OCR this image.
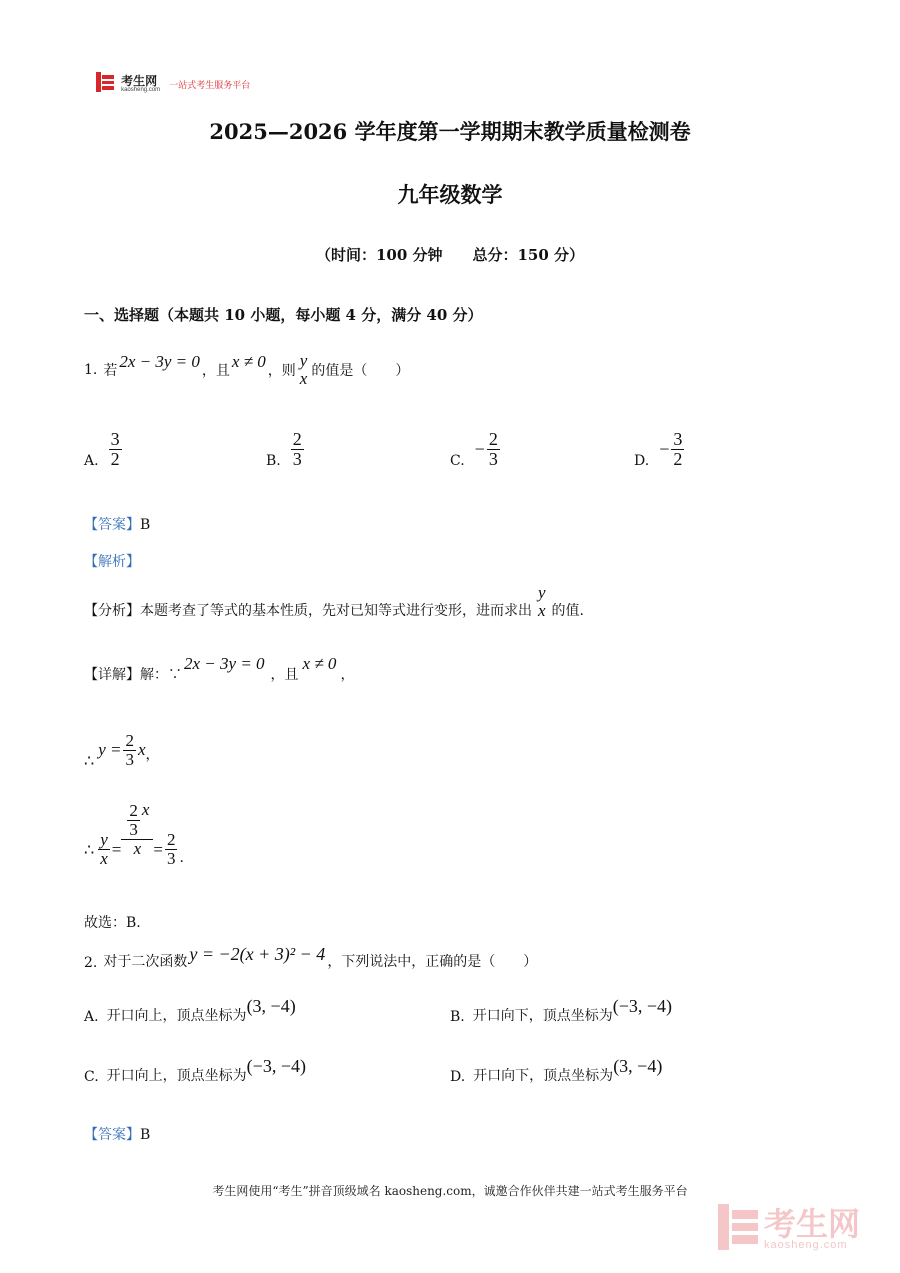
考生网
kaosheng.com 一站式考生服务平台
2025—2026 学年度第一学期期末教学质量检测卷
九年级数学
（时间：100 分钟　　总分：150 分）
一、选择题（本题共 10 小题，每小题 4 分，满分 40 分）
1. 若 2x − 3y = 0 ，且 x ≠ 0 ，则
y
x 的值是（　　）
A. $\frac{3}{2}$	B. $\frac{2}{3}$	C.
− $\frac{2}{3}$	D.
− $\frac{3}{2}$
【答案】B
【解析】
【分析】 本题考查了等式的基本性质，先对已知等式进行变形，进而求出
y
x 的值.
【详解】 解：∵
2x − 3y = 0
，且
x ≠ 0
，
∴
$y = \frac{2}{3}$ x ，
∴ $\frac{y}{x} = \frac{\frac{2}{3} x}{x} = \frac{2}{3}$ .
故选：B.
2. 对于二次函数 y = −2(x + 3)² − 4 ，下列说法中，正确的是（　　）
A. 开口向上，顶点坐标为 (3, −4)
B. 开口向下，顶点坐标为 (−3, −4)
C. 开口向上，顶点坐标为 (−3, −4)
D. 开口向下，顶点坐标为 (3, −4)
【答案】B
考生网使用“考生”拼音顶级域名 kaosheng.com，诚邀合作伙伴共建一站式考生服务平台
考生网
kaosheng.com
